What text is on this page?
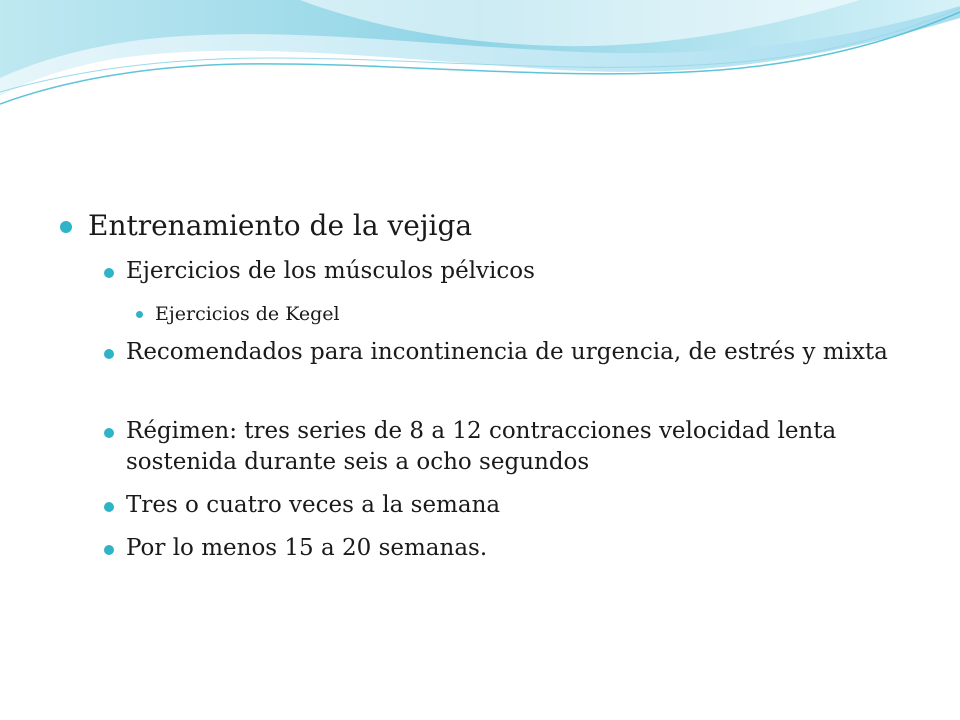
Entrenamiento de la vejiga

Ejercicios de los músculos pélvicos

Ejercicios de Kegel

Recomendados para incontinencia de urgencia, de estrés y mixta

Régimen: tres series de 8 a 12 contracciones velocidad lenta sostenida durante seis a ocho segundos

Tres o cuatro veces a la semana

Por lo menos 15 a 20 semanas.
